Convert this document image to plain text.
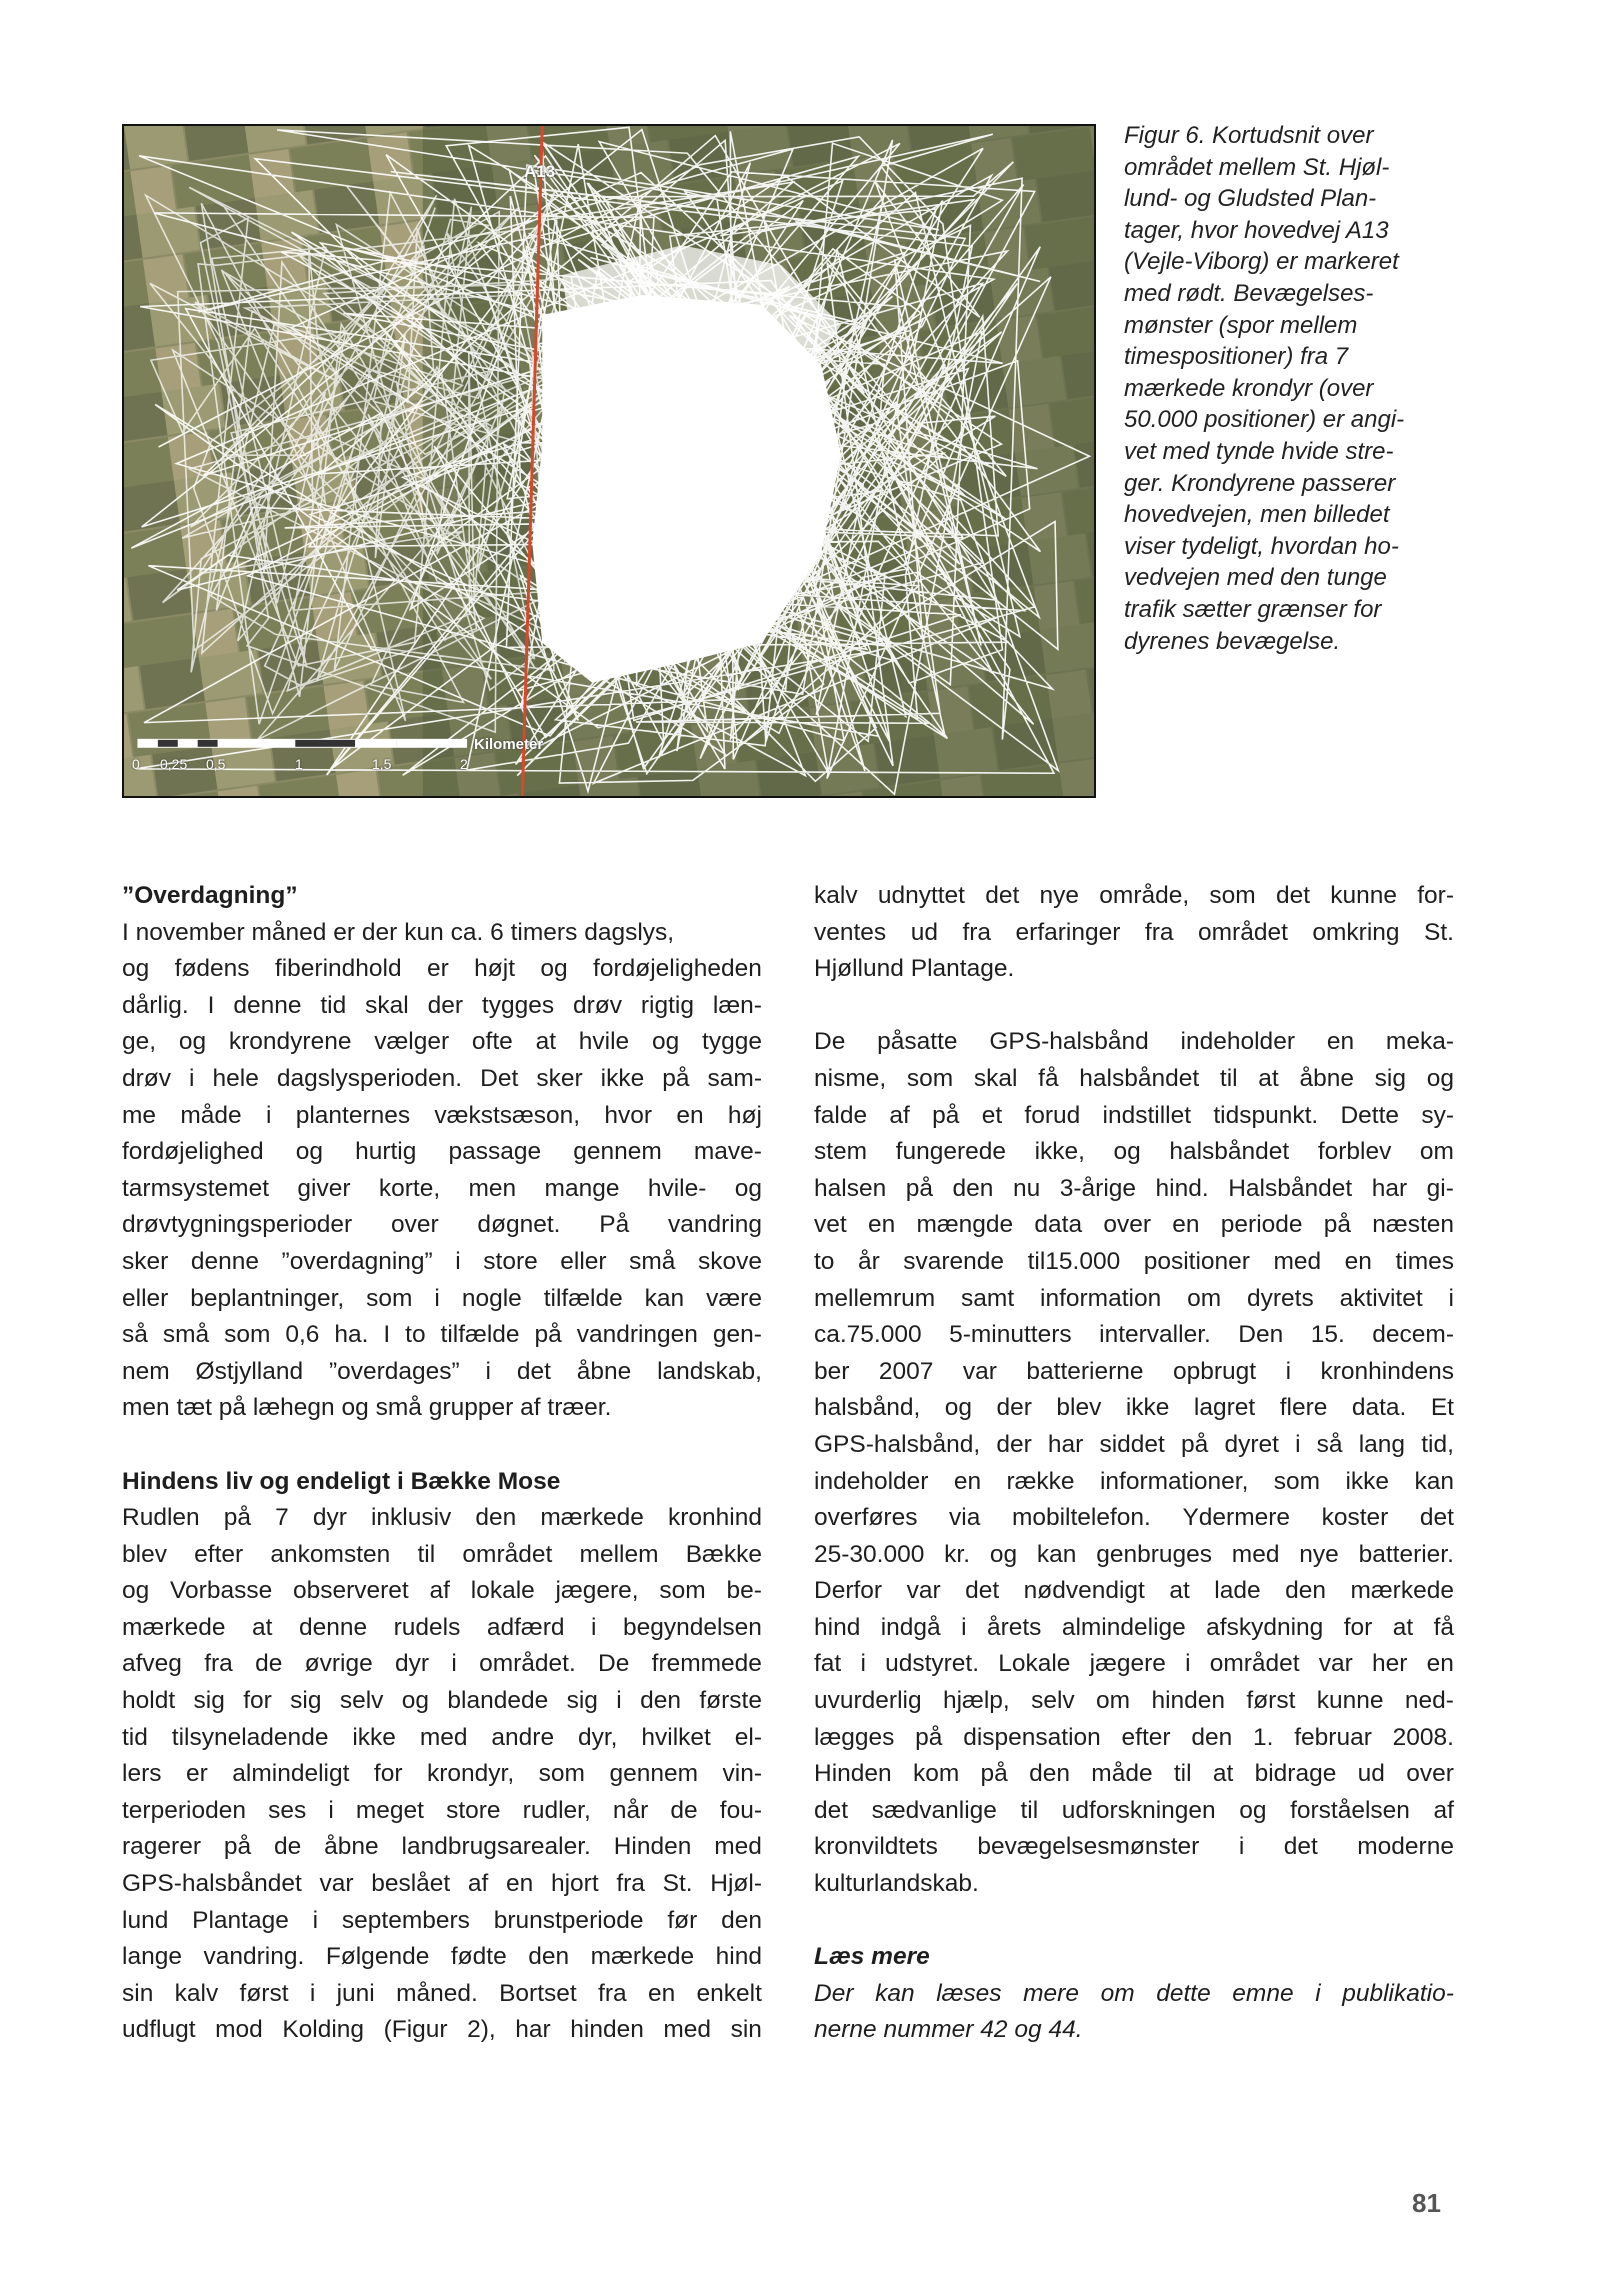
A13
Kilometer
0 0,25 0,5	1	1,5	2
Figur 6. Kortudsnit over
området mellem St. Hjøl-
lund- og Gludsted Plan-
tager, hvor hovedvej A13
(Vejle-Viborg) er markeret
med rødt. Bevægelses-
mønster (spor mellem
timespositioner) fra 7
mærkede krondyr (over
50.000 positioner) er angi-
vet med tynde hvide stre-
ger. Krondyrene passerer
hovedvejen, men billedet
viser tydeligt, hvordan ho-
vedvejen med den tunge
trafik sætter grænser for
dyrenes bevægelse.
”Overdagning”
I november måned er der kun ca. 6 timers dagslys,
og fødens fiberindhold er højt og fordøjeligheden
dårlig. I denne tid skal der tygges drøv rigtig læn-
ge, og krondyrene vælger ofte at hvile og tygge
drøv i hele dagslysperioden. Det sker ikke på sam-
me måde i planternes vækstsæson, hvor en høj
fordøjelighed og hurtig passage gennem mave-
tarmsystemet giver korte, men mange hvile- og
drøvtygningsperioder over døgnet. På vandring
sker denne ”overdagning” i store eller små skove
eller beplantninger, som i nogle tilfælde kan være
så små som 0,6 ha. I to tilfælde på vandringen gen-
nem Østjylland ”overdages” i det åbne landskab,
men tæt på læhegn og små grupper af træer.
Hindens liv og endeligt i Bække Mose
Rudlen på 7 dyr inklusiv den mærkede kronhind
blev efter ankomsten til området mellem Bække
og Vorbasse observeret af lokale jægere, som be-
mærkede at denne rudels adfærd i begyndelsen
afveg fra de øvrige dyr i området. De fremmede
holdt sig for sig selv og blandede sig i den første
tid tilsyneladende ikke med andre dyr, hvilket el-
lers er almindeligt for krondyr, som gennem vin-
terperioden ses i meget store rudler, når de fou-
ragerer på de åbne landbrugsarealer. Hinden med
GPS-halsbåndet var beslået af en hjort fra St. Hjøl-
lund Plantage i septembers brunstperiode før den
lange vandring. Følgende fødte den mærkede hind
sin kalv først i juni måned. Bortset fra en enkelt
udflugt mod Kolding (Figur 2), har hinden med sin
kalv udnyttet det nye område, som det kunne for-
ventes ud fra erfaringer fra området omkring St.
Hjøllund Plantage.
De påsatte GPS-halsbånd indeholder en meka-
nisme, som skal få halsbåndet til at åbne sig og
falde af på et forud indstillet tidspunkt. Dette sy-
stem fungerede ikke, og halsbåndet forblev om
halsen på den nu 3-årige hind. Halsbåndet har gi-
vet en mængde data over en periode på næsten
to år svarende til15.000 positioner med en times
mellemrum samt information om dyrets aktivitet i
ca.75.000 5-minutters intervaller. Den 15. decem-
ber 2007 var batterierne opbrugt i kronhindens
halsbånd, og der blev ikke lagret flere data. Et
GPS-halsbånd, der har siddet på dyret i så lang tid,
indeholder en række informationer, som ikke kan
overføres via mobiltelefon. Ydermere koster det
25-30.000 kr. og kan genbruges med nye batterier.
Derfor var det nødvendigt at lade den mærkede
hind indgå i årets almindelige afskydning for at få
fat i udstyret. Lokale jægere i området var her en
uvurderlig hjælp, selv om hinden først kunne ned-
lægges på dispensation efter den 1. februar 2008.
Hinden kom på den måde til at bidrage ud over
det sædvanlige til udforskningen og forståelsen af
kronvildtets bevægelsesmønster i det moderne
kulturlandskab.
Læs mere
Der kan læses mere om dette emne i publikatio-
nerne nummer 42 og 44.
81
